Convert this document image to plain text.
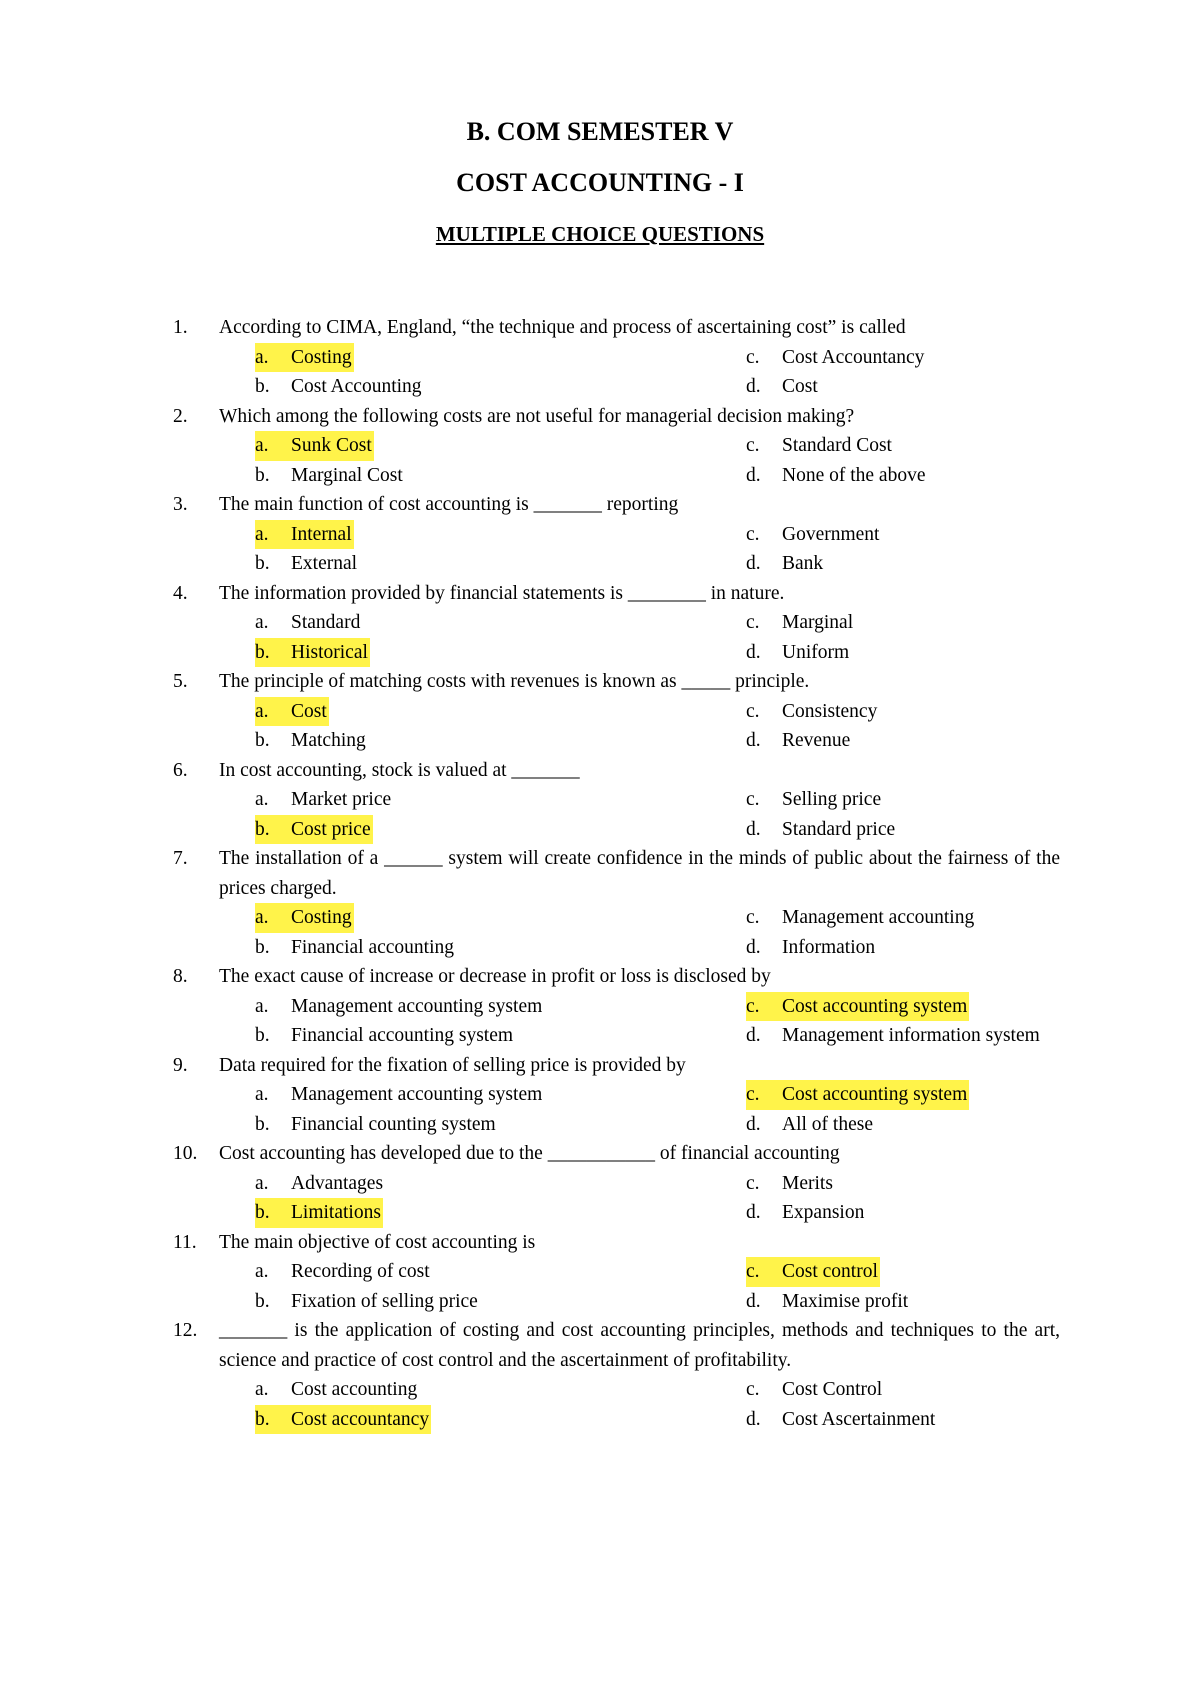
B. COM SEMESTER V
COST ACCOUNTING - I
MULTIPLE CHOICE QUESTIONS
1.	According to CIMA, England, “the technique and process of ascertaining cost” is called
a.	Costing
b.	Cost Accounting
c.	Cost Accountancy
d.	Cost
2.	Which among the following costs are not useful for managerial decision making?
a.	Sunk Cost
b.	Marginal Cost
c.	Standard Cost
d.	None of the above
3.	The main function of cost accounting is _______ reporting
a.	Internal
b.	External
c.	Government
d.	Bank
4.	The information provided by financial statements is ________ in nature.
a.	Standard
b.	Historical
c.	Marginal
d.	Uniform
5.	The principle of matching costs with revenues is known as _____ principle.
a.	Cost
b.	Matching
c.	Consistency
d.	Revenue
6.	In cost accounting, stock is valued at _______
a.	Market price
b.	Cost price
c.	Selling price
d.	Standard price
7.	The installation of a ______ system will create confidence in the minds of public about the fairness of the prices charged.
a.	Costing
b.	Financial accounting
c.	Management accounting
d.	Information
8.	The exact cause of increase or decrease in profit or loss is disclosed by
a.	Management accounting system
b.	Financial accounting system
c.	Cost accounting system
d.	Management information system
9.	Data required for the fixation of selling price is provided by
a.	Management accounting system
b.	Financial counting system
c.	Cost accounting system
d.	All of these
10.	Cost accounting has developed due to the ___________ of financial accounting
a.	Advantages
b.	Limitations
c.	Merits
d.	Expansion
11.	The main objective of cost accounting is
a.	Recording of cost
b.	Fixation of selling price
c.	Cost control
d.	Maximise profit
12.	_______ is the application of costing and cost accounting principles, methods and techniques to the art, science and practice of cost control and the ascertainment of profitability.
a.	Cost accounting
b.	Cost accountancy
c.	Cost Control
d.	Cost Ascertainment
